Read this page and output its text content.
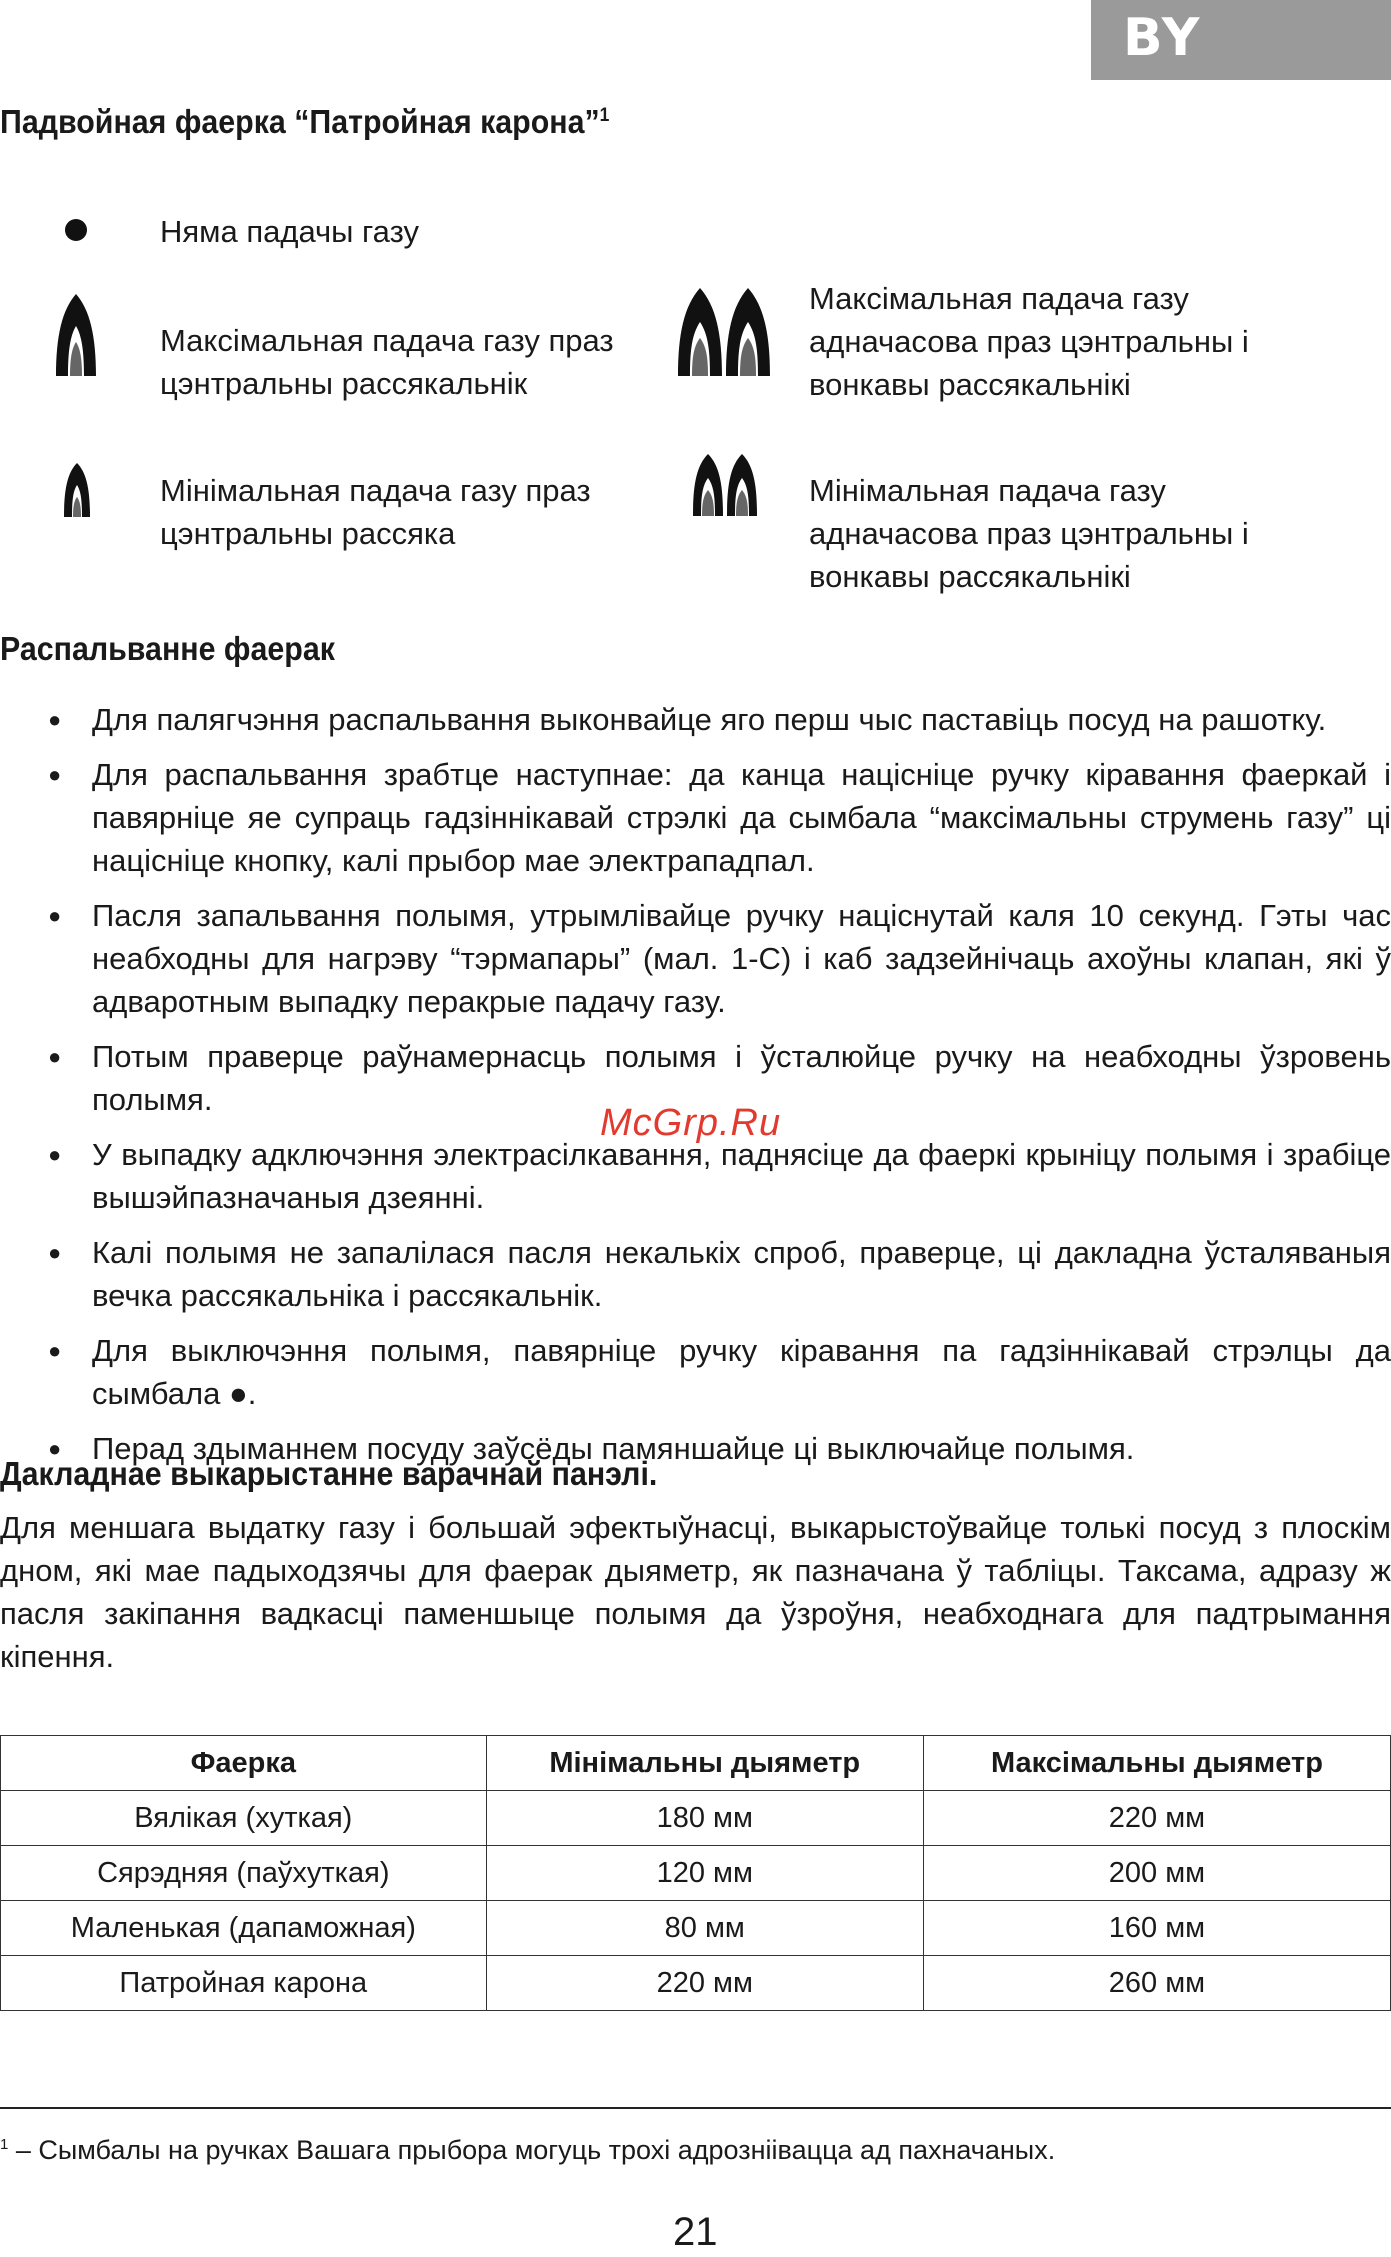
BY
Падвойная фаерка “Патройная карона”$^1$
Няма падачы газу
Максімальная падача газу праз
цэнтральны рассякальнік
Мінімальная падача газу праз
цэнтральны рассяка
Максімальная падача газу
адначасова праз цэнтральны і
вонкавы рассякальнікі
Мінімальная падача газу
адначасова праз цэнтральны і
вонкавы рассякальнікі
Распальванне фаерак
● Для палягчэння распальвання выконвайце яго перш чыс паставіць посуд на рашотку.
● Для распальвання зрабтце наступнае: да канца націсніце ручку кіравання фаеркай і павярніце яе супраць гадзіннікавай стрэлкі да сымбала “максімальны струмень газу” ці націсніце кнопку, калі прыбор мае электрападпал.
● Пасля запальвання полымя, утрымлівайце ручку націснутай каля 10 секунд. Гэты час неабходны для нагрэву “тэрмапары” (мал. 1-С) і каб задзейнічаць ахоўны клапан, які ў адваротным выпадку перакрые падачу газу.
● Потым праверце раўнамернасць полымя і ўсталюйце ручку на неабходны ўзровень полымя.
● У выпадку адключэння электрасілкавання, паднясіце да фаеркі крыніцу полымя і зрабіце вышэйпазначаныя дзеянні.
● Калі полымя не запалілася пасля некалькіх спроб, праверце, ці дакладна ўсталяваныя вечка рассякальніка і рассякальнік.
● Для выключэння полымя, павярніце ручку кіравання па гадзіннікавай стрэлцы да сымбала ●.
● Перад здыманнем посуду заўсёды памяншайце ці выключайце полымя.
McGrp.Ru
Дакладнае выкарыстанне варачнай панэлі.
Для меншага выдатку газу і большай эфектыўнасці, выкарыстоўвайце толькі посуд з плоскім дном, які мае падыходзячы для фаерак дыяметр, як пазначана ў табліцы. Таксама, адразу ж пасля закіпання вадкасці паменшыце полымя да ўзроўня, неабходнага для падтрымання кіпення.
Фаерка	Мінімальны дыяметр	Максімальны дыяметр
Вялікая (хуткая)	180 мм	220 мм
Сярэдняя (паўхуткая)	120 мм	200 мм
Маленькая (дапаможная)	80 мм	160 мм
Патройная карона	220 мм	260 мм
$^1$ – Сымбалы на ручках Вашага прыбора могуць трохі адрозніівацца ад пахначаных.
21
